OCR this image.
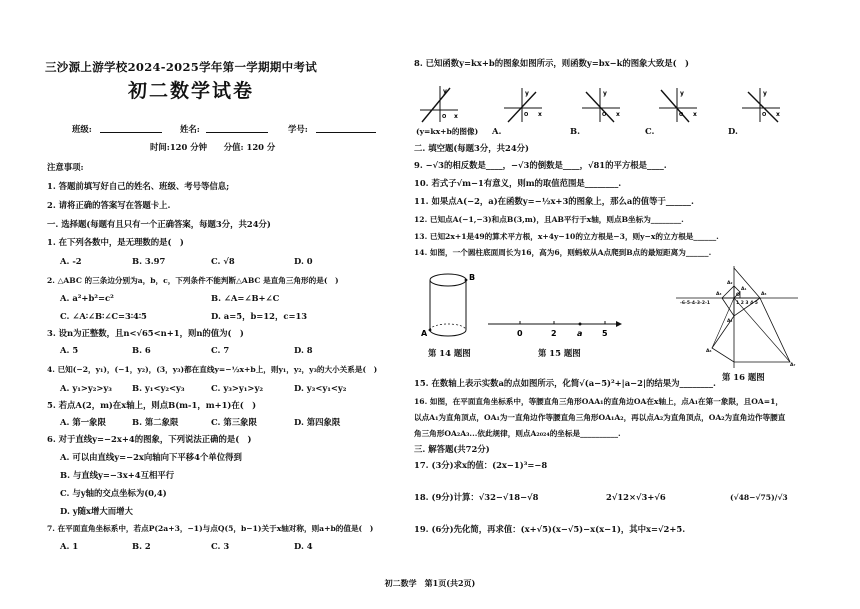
三沙源上游学校2024-2025学年第一学期期中考试
初二数学试卷
班级:	姓名:	学号:
时间:120 分钟　　分值: 120 分
注意事项:
1. 答题前填写好自己的姓名、班级、考号等信息;
2. 请将正确的答案写在答题卡上.
一. 选择题(每题有且只有一个正确答案，每题3分，共24分)
1. 在下列各数中，是无理数的是(　)
A. -2	B. 3.97	C. √8	D. 0
2. △ABC 的三条边分别为a，b，c，下列条件不能判断△ABC 是直角三角形的是(　)
A. a²+b²=c²	B. ∠A=∠B+∠C
C. ∠A∶∠B∶∠C=3∶4∶5	D. a=5，b=12，c=13
3. 设n为正整数，且n<√65<n+1，则n的值为(　)
A. 5	B. 6	C. 7	D. 8
4. 已知(−2，y₁)，(−1，y₂)，(3，y₃)都在直线y=−½x+b上，则y₁，y₂，y₃的大小关系是(　)
A. y₁>y₂>y₃ B. y₁<y₂<y₃	C. y₃>y₁>y₂	D. y₃<y₁<y₂
5. 若点A(2，m)在x轴上，则点B(m-1，m+1)在(　)
A. 第一象限	B. 第二象限	C. 第三象限	D. 第四象限
6. 对于直线y=−2x+4的图象，下列说法正确的是(　)
A. 可以由直线y=−2x向轴向下平移4个单位得到
B. 与直线y=−3x+4互相平行
C. 与y轴的交点坐标为(0,4)
D. y随x增大而增大
7. 在平面直角坐标系中，若点P(2a+3，−1)与点Q(5，b−1)关于x轴对称，则a+b的值是(　)
A. 1	B. 2	C. 3	D. 4
8. 已知函数y=kx+b的图象如图所示，则函数y=bx−k的图象大致是(　)
y
x
O
(y=kx+b的图像)
y
x
O
A.
y
x
O
B.
y
x
O
C.
y
x
O
D.
二. 填空题(每题3分，共24分)
9. −√3的相反数是____，−√3的倒数是____，√81的平方根是____.
10. 若式子√m−1有意义，则m的取值范围是________.
11. 如果点A(−2，a)在函数y=−½x+3的图象上，那么a的值等于______.
12. 已知点A(−1,−3)和点B(3,m)，且AB平行于x轴，则点B坐标为________.
13. 已知2x+1是49的算术平方根，x+4y−10的立方根是−3，则y−x的立方根是______.
14. 如图，一个圆柱底面周长为16，高为6，则蚂蚁从A点爬到B点的最短距离为______.
B
A
第 14 题图
0	2	a 5
第 15 题图
-6-5-4-3-2-1	1 2 3 4 5
A₁
A₂
A₃
A₄
A₅
A₇
A₆
O
第 16 题图
15. 在数轴上表示实数a的点如图所示，化简√(a−5)²+|a−2|的结果为________.
16. 如图，在平面直角坐标系中，等腰直角三角形OAA₁的直角边OA在x轴上，点A₁在第一象限，且OA=1，
以点A₁为直角顶点，OA₁为一直角边作等腰直角三角形OA₁A₂，再以点A₂为直角顶点，OA₂为直角边作等腰直
角三角形OA₂A₃...依此规律，则点A₂₀₂₄的坐标是__________.
三. 解答题(共72分)
17. (3分)求x的值：(2x−1)³=−8
18. (9分)计算：√32−√18−√8	2√12×√3+√6	(√48−√75)/√3
19. (6分)先化简，再求值：(x+√5)(x−√5)−x(x−1)，其中x=√2+5.
初二数学　第1页(共2页)
